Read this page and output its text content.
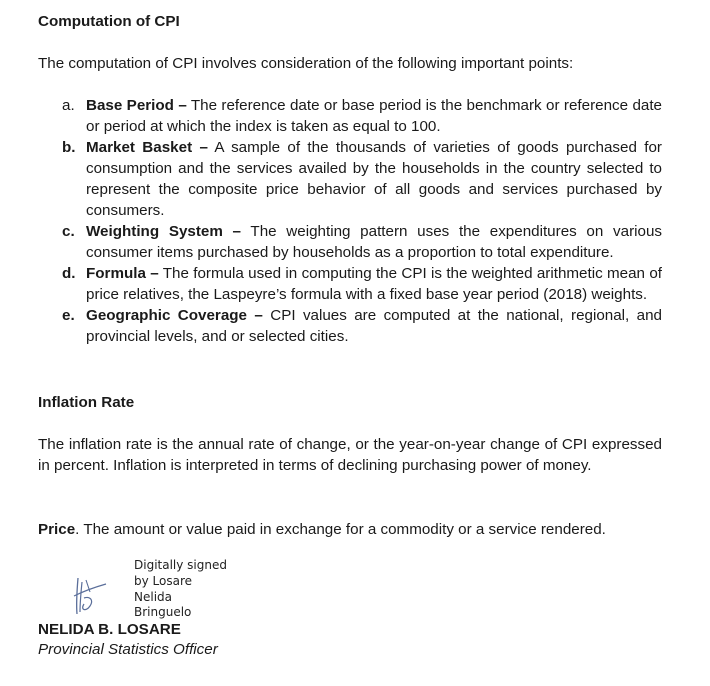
Computation of CPI

The computation of CPI involves consideration of the following important points:

a. Base Period – The reference date or base period is the benchmark or reference date or period at which the index is taken as equal to 100.
b. Market Basket – A sample of the thousands of varieties of goods purchased for consumption and the services availed by the households in the country selected to represent the composite price behavior of all goods and services purchased by consumers.
c. Weighting System – The weighting pattern uses the expenditures on various consumer items purchased by households as a proportion to total expenditure.
d. Formula – The formula used in computing the CPI is the weighted arithmetic mean of price relatives, the Laspeyre’s formula with a fixed base year period (2018) weights.
e. Geographic Coverage – CPI values are computed at the national, regional, and provincial levels, and or selected cities.
Inflation Rate

The inflation rate is the annual rate of change, or the year-on-year change of CPI expressed in percent. Inflation is interpreted in terms of declining purchasing power of money.

Price. The amount or value paid in exchange for a commodity or a service rendered.

Digitally signed
by Losare
Nelida
Bringuelo
NELIDA B. LOSARE
Provincial Statistics Officer
